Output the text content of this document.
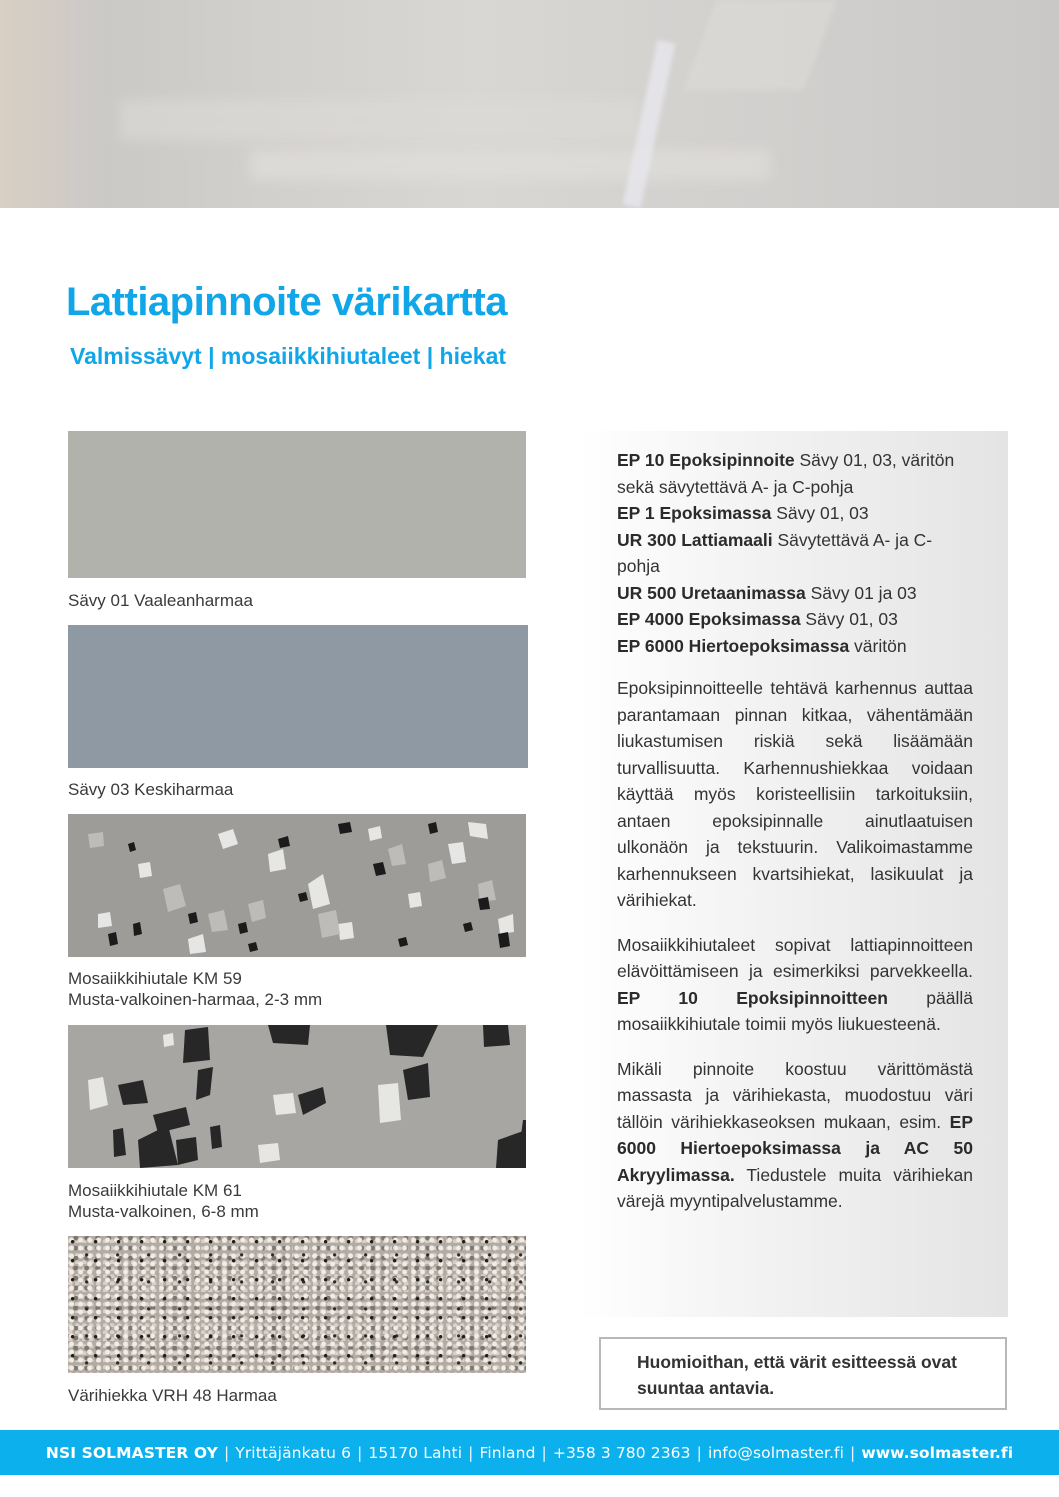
Lattiapinnoite värikartta
Valmissävyt | mosaiikkihiutaleet | hiekat
Sävy 01 Vaaleanharmaa
Sävy 03 Keskiharmaa
Mosaiikkihiutale KM 59
Musta-valkoinen-harmaa, 2-3 mm
Mosaiikkihiutale KM 61
Musta-valkoinen, 6-8 mm
Värihiekka VRH 48 Harmaa

EP 10 Epoksipinnoite Sävy 01, 03, väritön sekä sävytettävä A- ja C-pohja
EP 1 Epoksimassa Sävy 01, 03
UR 300 Lattiamaali Sävytettävä A- ja C-pohja
UR 500 Uretaanimassa Sävy 01 ja 03
EP 4000 Epoksimassa Sävy 01, 03
EP 6000 Hiertoepoksimassa väritön

Epoksipinnoitteelle tehtävä karhennus auttaa parantamaan pinnan kitkaa, vähentämään liukastumisen riskiä sekä lisäämään turvallisuutta. Karhennushiekkaa voidaan käyttää myös koristeellisiin tarkoituksiin, antaen epoksipinnalle ainutlaatuisen ulkonäön ja tekstuurin. Valikoimastamme karhennukseen kvartsihiekat, lasikuulat ja värihiekat.

Mosaiikkihiutaleet sopivat lattiapinnoitteen elävöittämiseen ja esimerkiksi parvekkeella. EP 10 Epoksipinnoitteen päällä mosaiikkihiutale toimii myös liukuesteenä.

Mikäli pinnoite koostuu värittömästä massasta ja värihiekasta, muodostuu väri tällöin värihiekkaseoksen mukaan, esim. EP 6000 Hiertoepoksimassa ja AC 50 Akryylimassa. Tiedustele muita värihiekan värejä myyntipalvelustamme.

Huomioithan, että värit esitteessä ovat suuntaa antavia.
NSI SOLMASTER OY | Yrittäjänkatu 6 | 15170 Lahti | Finland | +358 3 780 2363 | info@solmaster.fi | www.solmaster.fi
